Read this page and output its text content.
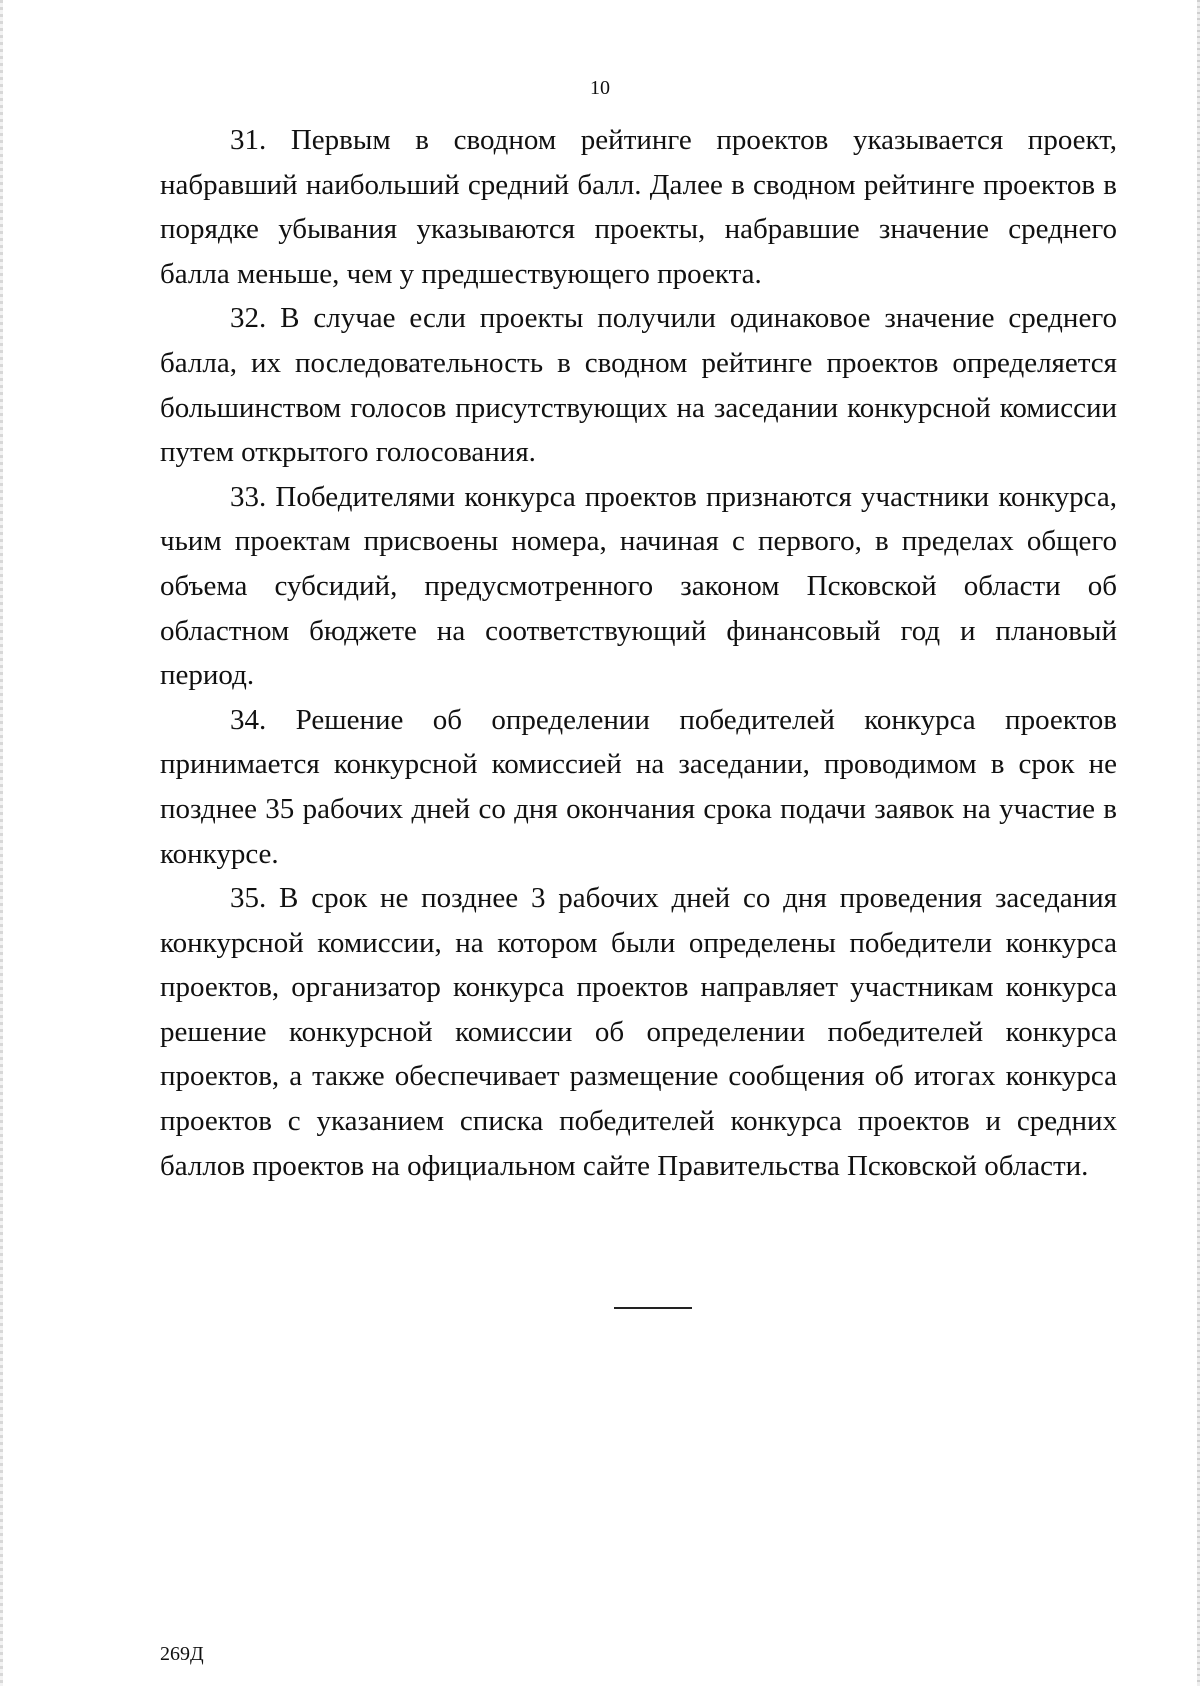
10

31. Первым в сводном рейтинге проектов указывается проект, набравший наибольший средний балл. Далее в сводном рейтинге проектов в порядке убывания указываются проекты, набравшие значение среднего балла меньше, чем у предшествующего проекта.

32. В случае если проекты получили одинаковое значение среднего балла, их последовательность в сводном рейтинге проектов определяется большинством голосов присутствующих на заседании конкурсной комиссии путем открытого голосования.

33. Победителями конкурса проектов признаются участники конкурса, чьим проектам присвоены номера, начиная с первого, в пределах общего объема субсидий, предусмотренного законом Псковской области об областном бюджете на соответствующий финансовый год и плановый период.

34. Решение об определении победителей конкурса проектов принимается конкурсной комиссией на заседании, проводимом в срок не позднее 35 рабочих дней со дня окончания срока подачи заявок на участие в конкурсе.

35. В срок не позднее 3 рабочих дней со дня проведения заседания конкурсной комиссии, на котором были определены победители конкурса проектов, организатор конкурса проектов направляет участникам конкурса решение конкурсной комиссии об определении победителей конкурса проектов, а также обеспечивает размещение сообщения об итогах конкурса проектов с указанием списка победителей конкурса проектов и средних баллов проектов на официальном сайте Правительства Псковской области.

269Д
